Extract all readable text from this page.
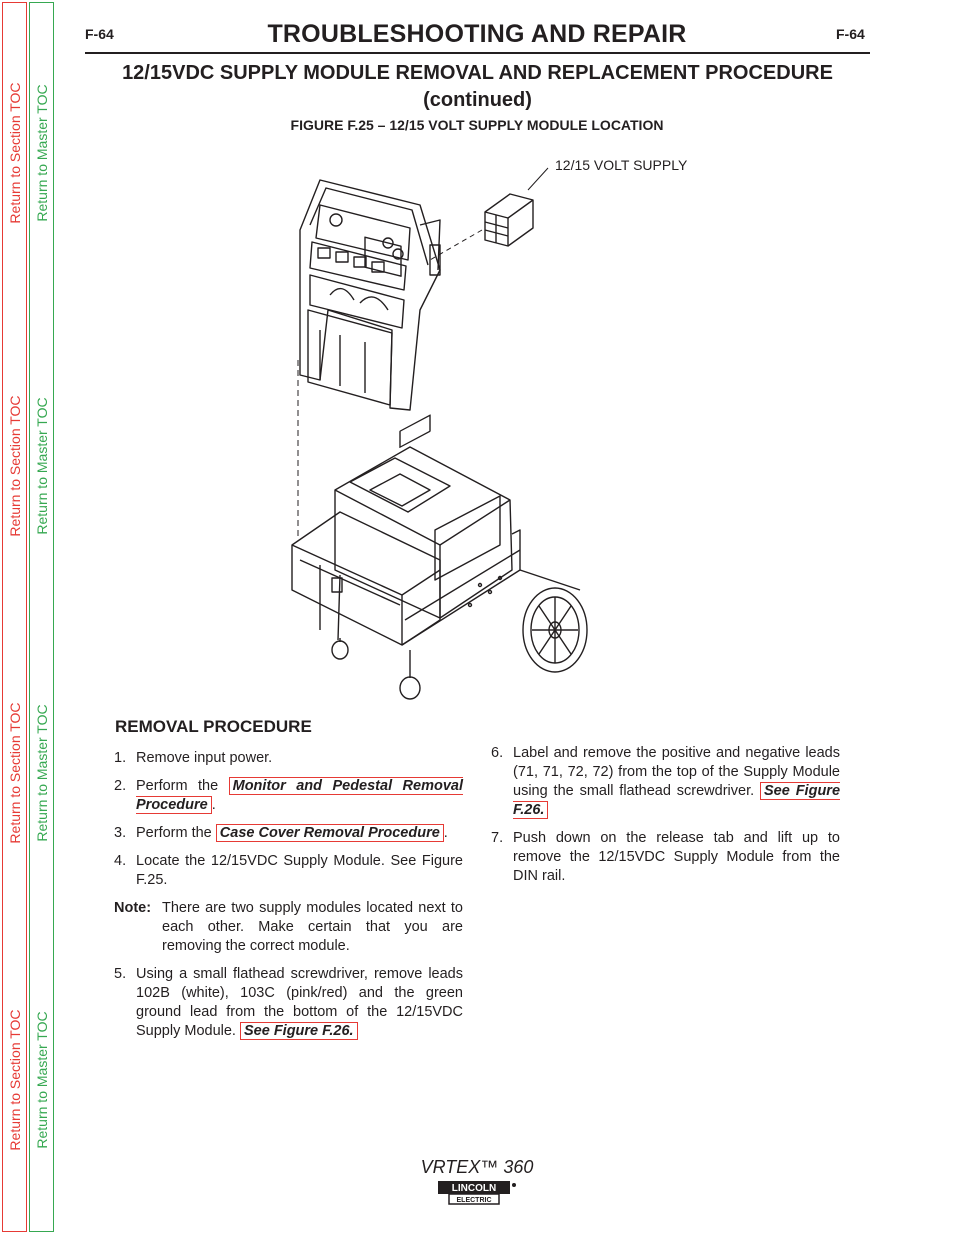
Return to Section TOC
Return to Section TOC
Return to Section TOC
Return to Section TOC
Return to Master TOC
Return to Master TOC
Return to Master TOC
Return to Master TOC
F-64	F-64
TROUBLESHOOTING AND REPAIR
12/15VDC SUPPLY MODULE REMOVAL AND REPLACEMENT PROCEDURE
(continued)
FIGURE F.25 – 12/15 VOLT SUPPLY MODULE LOCATION
12/15 VOLT SUPPLY
REMOVAL PROCEDURE
1. Remove input power.
2. Perform the Monitor and Pedestal Removal Procedure .
3. Perform the Case Cover Removal Procedure .
4. Locate the 12/15VDC Supply Module. See Figure F.25.
Note: There are two supply modules located next to each other. Make certain that you are removing the correct module.
5. Using a small flathead screwdriver, remove leads 102B (white), 103C (pink/red) and the green ground lead from the bottom of the 12/15VDC Supply Module. See Figure F.26.
6. Label and remove the positive and negative leads (71, 71, 72, 72) from the top of the Supply Module using the small flathead screwdriver. See Figure F.26.
7. Push down on the release tab and lift up to remove the 12/15VDC Supply Module from the DIN rail.
VRTEX™ 360
LINCOLN
ELECTRIC
